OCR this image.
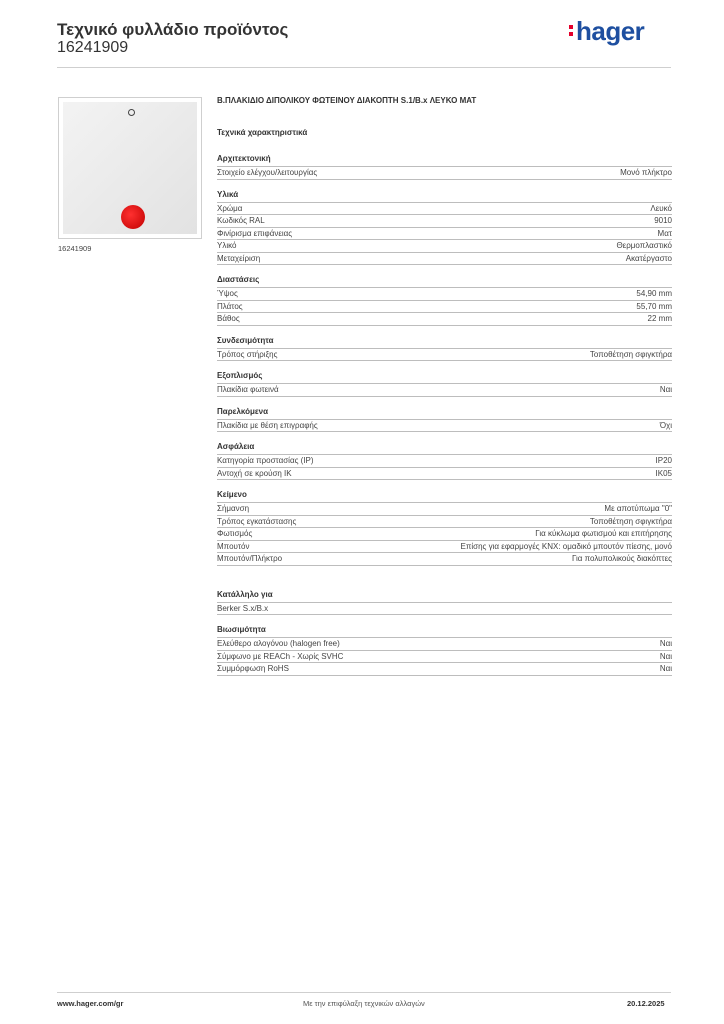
Τεχνικό φυλλάδιο προϊόντος
16241909
hager
16241909
Β.ΠΛΑΚΙΔΙΟ ΔΙΠΟΛΙΚΟΥ ΦΩΤΕΙΝΟΥ ΔΙΑΚΟΠΤΗ S.1/B.x ΛΕΥΚΟ ΜΑΤ
Τεχνικά χαρακτηριστικά
Αρχιτεκτονική
Στοιχείο ελέγχου/λειτουργίας	Μονό πλήκτρο
Υλικά
Χρώμα	Λευκό
Κωδικός RAL	9010
Φινίρισμα επιφάνειας	Ματ
Υλικό	Θερμοπλαστικό
Μεταχείριση	Ακατέργαστο
Διαστάσεις
Ύψος	54,90 mm
Πλάτος	55,70 mm
Βάθος	22 mm
Συνδεσιμότητα
Τρόπος στήριξης	Τοποθέτηση σφιγκτήρα
Εξοπλισμός
Πλακίδια φωτεινά	Ναι
Παρελκόμενα
Πλακίδια με θέση επιγραφής	Όχι
Ασφάλεια
Κατηγορία προστασίας (IP)	IP20
Αντοχή σε κρούση IK	IK05
Κείμενο
Σήμανση	Με αποτύπωμα "0"
Τρόπος εγκατάστασης	Τοποθέτηση σφιγκτήρα
Φωτισμός	Για κύκλωμα φωτισμού και επιτήρησης
Μπουτόν	Επίσης για εφαρμογές KNX: ομαδικό μπουτόν πίεσης, μονό
Μπουτόν/Πλήκτρο	Για πολυπολικούς διακόπτες
Κατάλληλο για
Berker S.x/B.x
Βιωσιμότητα
Ελεύθερο αλογόνου (halogen free)	Ναι
Σύμφωνο με REACh - Χωρίς SVHC	Ναι
Συμμόρφωση RoHS	Ναι
www.hager.com/gr	Με την επιφύλαξη τεχνικών αλλαγών	20.12.2025
